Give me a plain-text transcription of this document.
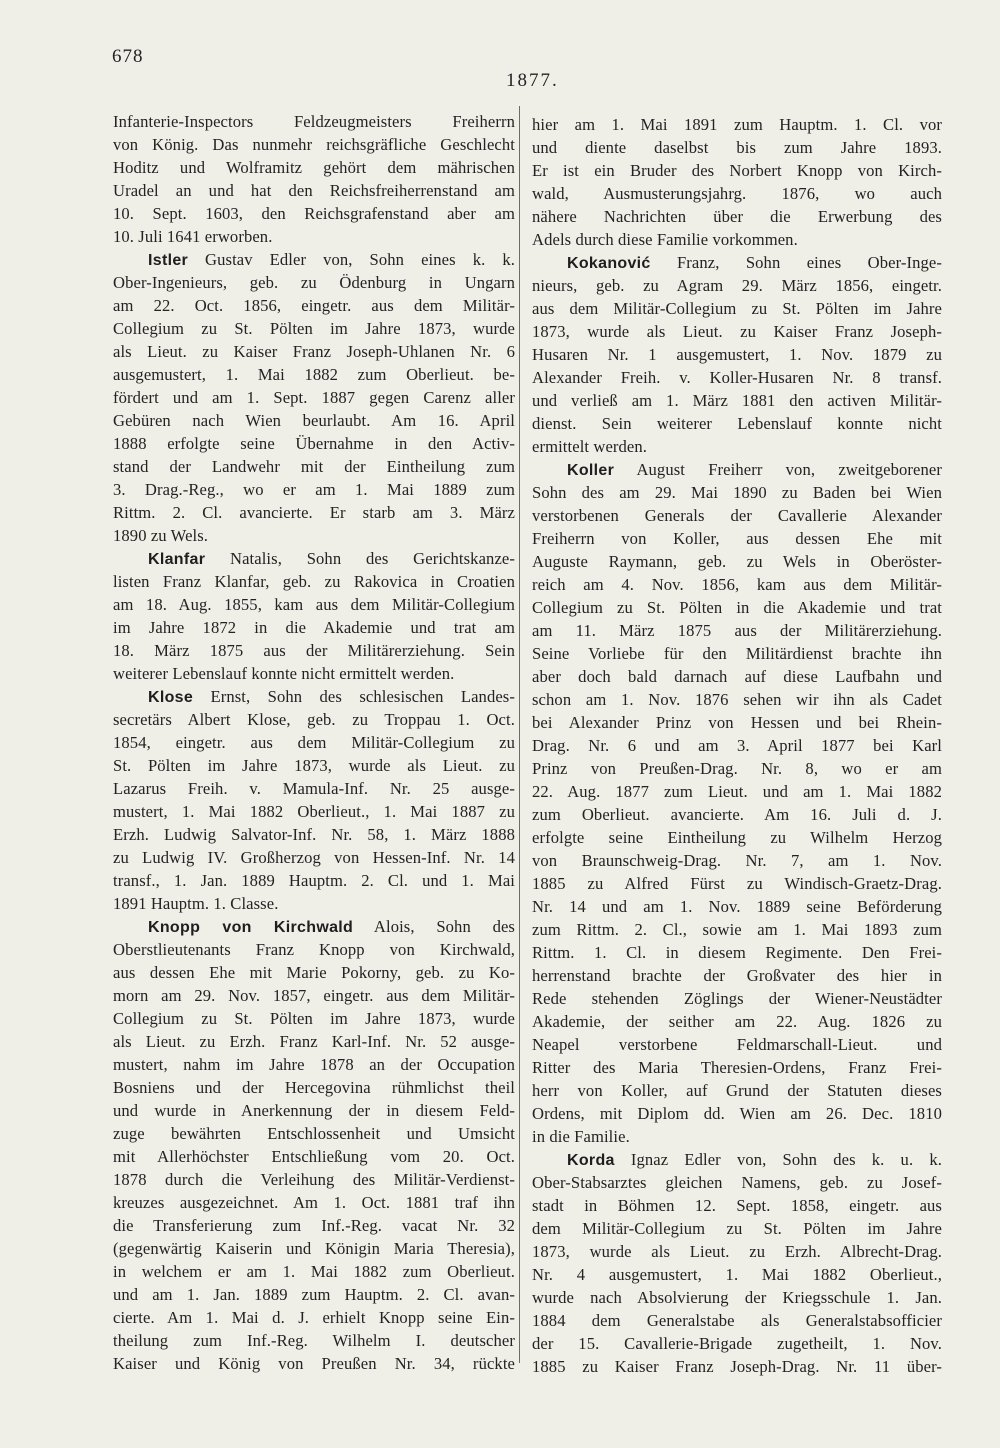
678
1877.
Infanterie-Inspectors Feldzeugmeisters Freiherrn
von König. Das nunmehr reichsgräfliche Geschlecht
Hoditz und Wolframitz gehört dem mährischen
Uradel an und hat den Reichsfreiherrenstand am
10. Sept. 1603, den Reichsgrafenstand aber am
10. Juli 1641 erworben.
Istler Gustav Edler von, Sohn eines k. k.
Ober-Ingenieurs, geb. zu Ödenburg in Ungarn
am 22. Oct. 1856, eingetr. aus dem Militär-
Collegium zu St. Pölten im Jahre 1873, wurde
als Lieut. zu Kaiser Franz Joseph-Uhlanen Nr. 6
ausgemustert, 1. Mai 1882 zum Oberlieut. be-
fördert und am 1. Sept. 1887 gegen Carenz aller
Gebüren nach Wien beurlaubt. Am 16. April
1888 erfolgte seine Übernahme in den Activ-
stand der Landwehr mit der Eintheilung zum
3. Drag.-Reg., wo er am 1. Mai 1889 zum
Rittm. 2. Cl. avancierte. Er starb am 3. März
1890 zu Wels.
Klanfar Natalis, Sohn des Gerichtskanze-
listen Franz Klanfar, geb. zu Rakovica in Croatien
am 18. Aug. 1855, kam aus dem Militär-Collegium
im Jahre 1872 in die Akademie und trat am
18. März 1875 aus der Militärerziehung. Sein
weiterer Lebenslauf konnte nicht ermittelt werden.
Klose Ernst, Sohn des schlesischen Landes-
secretärs Albert Klose, geb. zu Troppau 1. Oct.
1854, eingetr. aus dem Militär-Collegium zu
St. Pölten im Jahre 1873, wurde als Lieut. zu
Lazarus Freih. v. Mamula-Inf. Nr. 25 ausge-
mustert, 1. Mai 1882 Oberlieut., 1. Mai 1887 zu
Erzh. Ludwig Salvator-Inf. Nr. 58, 1. März 1888
zu Ludwig IV. Großherzog von Hessen-Inf. Nr. 14
transf., 1. Jan. 1889 Hauptm. 2. Cl. und 1. Mai
1891 Hauptm. 1. Classe.
Knopp von Kirchwald Alois, Sohn des
Oberstlieutenants Franz Knopp von Kirchwald,
aus dessen Ehe mit Marie Pokorny, geb. zu Ko-
morn am 29. Nov. 1857, eingetr. aus dem Militär-
Collegium zu St. Pölten im Jahre 1873, wurde
als Lieut. zu Erzh. Franz Karl-Inf. Nr. 52 ausge-
mustert, nahm im Jahre 1878 an der Occupation
Bosniens und der Hercegovina rühmlichst theil
und wurde in Anerkennung der in diesem Feld-
zuge bewährten Entschlossenheit und Umsicht
mit Allerhöchster Entschließung vom 20. Oct.
1878 durch die Verleihung des Militär-Verdienst-
kreuzes ausgezeichnet. Am 1. Oct. 1881 traf ihn
die Transferierung zum Inf.-Reg. vacat Nr. 32
(gegenwärtig Kaiserin und Königin Maria Theresia),
in welchem er am 1. Mai 1882 zum Oberlieut.
und am 1. Jan. 1889 zum Hauptm. 2. Cl. avan-
cierte. Am 1. Mai d. J. erhielt Knopp seine Ein-
theilung zum Inf.-Reg. Wilhelm I. deutscher
Kaiser und König von Preußen Nr. 34, rückte
hier am 1. Mai 1891 zum Hauptm. 1. Cl. vor
und diente daselbst bis zum Jahre 1893.
Er ist ein Bruder des Norbert Knopp von Kirch-
wald, Ausmusterungsjahrg. 1876, wo auch
nähere Nachrichten über die Erwerbung des
Adels durch diese Familie vorkommen.
Kokanović Franz, Sohn eines Ober-Inge-
nieurs, geb. zu Agram 29. März 1856, eingetr.
aus dem Militär-Collegium zu St. Pölten im Jahre
1873, wurde als Lieut. zu Kaiser Franz Joseph-
Husaren Nr. 1 ausgemustert, 1. Nov. 1879 zu
Alexander Freih. v. Koller-Husaren Nr. 8 transf.
und verließ am 1. März 1881 den activen Militär-
dienst. Sein weiterer Lebenslauf konnte nicht
ermittelt werden.
Koller August Freiherr von, zweitgeborener
Sohn des am 29. Mai 1890 zu Baden bei Wien
verstorbenen Generals der Cavallerie Alexander
Freiherrn von Koller, aus dessen Ehe mit
Auguste Raymann, geb. zu Wels in Oberöster-
reich am 4. Nov. 1856, kam aus dem Militär-
Collegium zu St. Pölten in die Akademie und trat
am 11. März 1875 aus der Militärerziehung.
Seine Vorliebe für den Militärdienst brachte ihn
aber doch bald darnach auf diese Laufbahn und
schon am 1. Nov. 1876 sehen wir ihn als Cadet
bei Alexander Prinz von Hessen und bei Rhein-
Drag. Nr. 6 und am 3. April 1877 bei Karl
Prinz von Preußen-Drag. Nr. 8, wo er am
22. Aug. 1877 zum Lieut. und am 1. Mai 1882
zum Oberlieut. avancierte. Am 16. Juli d. J.
erfolgte seine Eintheilung zu Wilhelm Herzog
von Braunschweig-Drag. Nr. 7, am 1. Nov.
1885 zu Alfred Fürst zu Windisch-Graetz-Drag.
Nr. 14 und am 1. Nov. 1889 seine Beförderung
zum Rittm. 2. Cl., sowie am 1. Mai 1893 zum
Rittm. 1. Cl. in diesem Regimente. Den Frei-
herrenstand brachte der Großvater des hier in
Rede stehenden Zöglings der Wiener-Neustädter
Akademie, der seither am 22. Aug. 1826 zu
Neapel verstorbene Feldmarschall-Lieut. und
Ritter des Maria Theresien-Ordens, Franz Frei-
herr von Koller, auf Grund der Statuten dieses
Ordens, mit Diplom dd. Wien am 26. Dec. 1810
in die Familie.
Korda Ignaz Edler von, Sohn des k. u. k.
Ober-Stabsarztes gleichen Namens, geb. zu Josef-
stadt in Böhmen 12. Sept. 1858, eingetr. aus
dem Militär-Collegium zu St. Pölten im Jahre
1873, wurde als Lieut. zu Erzh. Albrecht-Drag.
Nr. 4 ausgemustert, 1. Mai 1882 Oberlieut.,
wurde nach Absolvierung der Kriegsschule 1. Jan.
1884 dem Generalstabe als Generalstabsofficier
der 15. Cavallerie-Brigade zugetheilt, 1. Nov.
1885 zu Kaiser Franz Joseph-Drag. Nr. 11 über-
